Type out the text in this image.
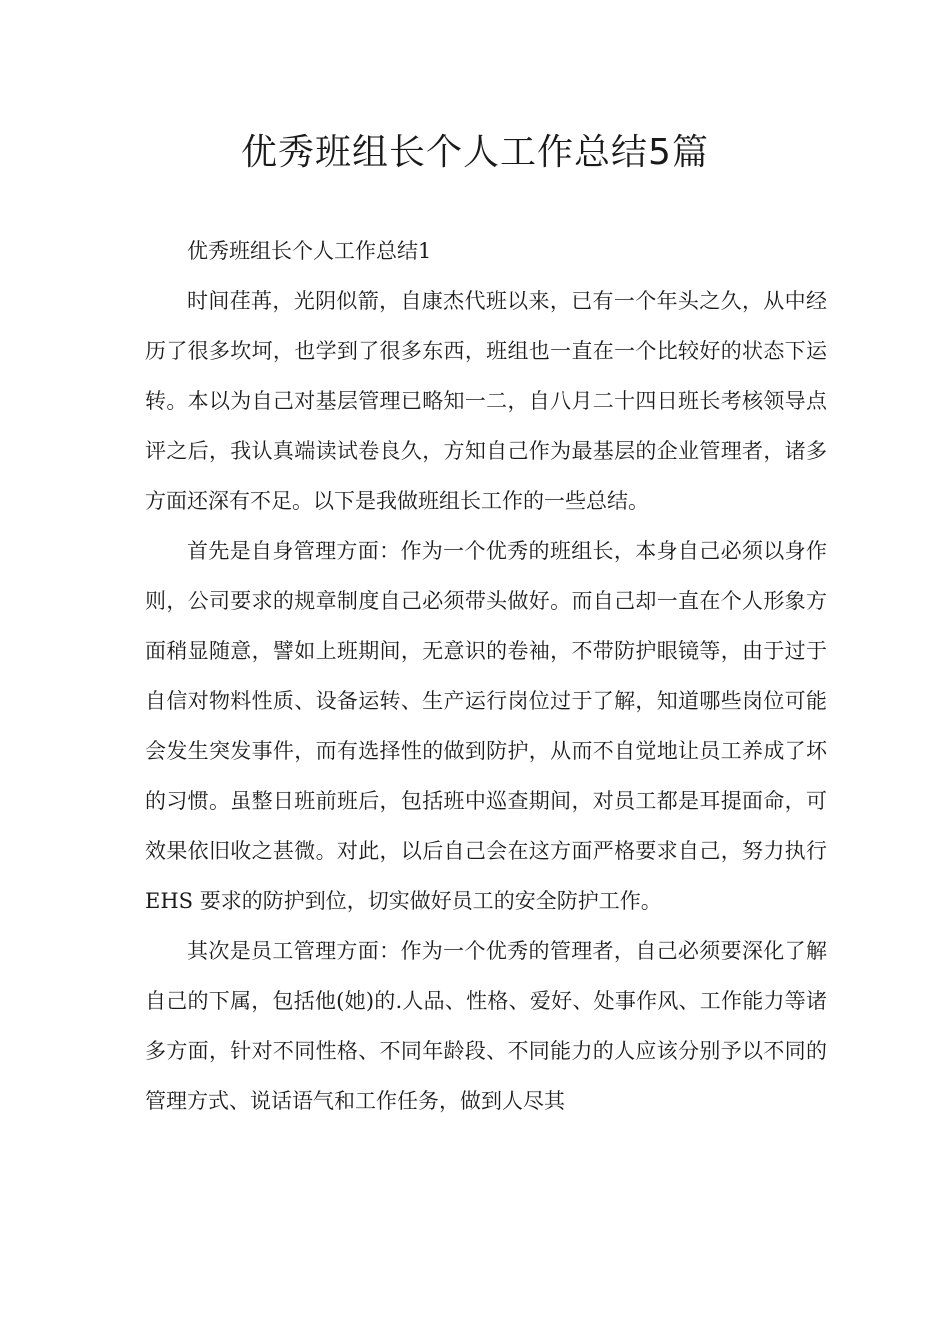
优秀班组长个人工作总结5篇

优秀班组长个人工作总结1

时间荏苒，光阴似箭，自康杰代班以来，已有一个年头之久，从中经历了很多坎坷，也学到了很多东西，班组也一直在一个比较好的状态下运转。本以为自己对基层管理已略知一二，自八月二十四日班长考核领导点评之后，我认真端读试卷良久，方知自己作为最基层的企业管理者，诸多方面还深有不足。以下是我做班组长工作的一些总结。

首先是自身管理方面：作为一个优秀的班组长，本身自己必须以身作则，公司要求的规章制度自己必须带头做好。而自己却一直在个人形象方面稍显随意，譬如上班期间，无意识的卷袖，不带防护眼镜等，由于过于自信对物料性质、设备运转、生产运行岗位过于了解，知道哪些岗位可能会发生突发事件，而有选择性的做到防护，从而不自觉地让员工养成了坏的习惯。虽整日班前班后，包括班中巡查期间，对员工都是耳提面命，可效果依旧收之甚微。对此，以后自己会在这方面严格要求自己，努力执行 EHS 要求的防护到位，切实做好员工的安全防护工作。

其次是员工管理方面：作为一个优秀的管理者，自己必须要深化了解自己的下属，包括他(她)的.人品、性格、爱好、处事作风、工作能力等诸多方面，针对不同性格、不同年龄段、不同能力的人应该分别予以不同的管理方式、说话语气和工作任务，做到人尽其
